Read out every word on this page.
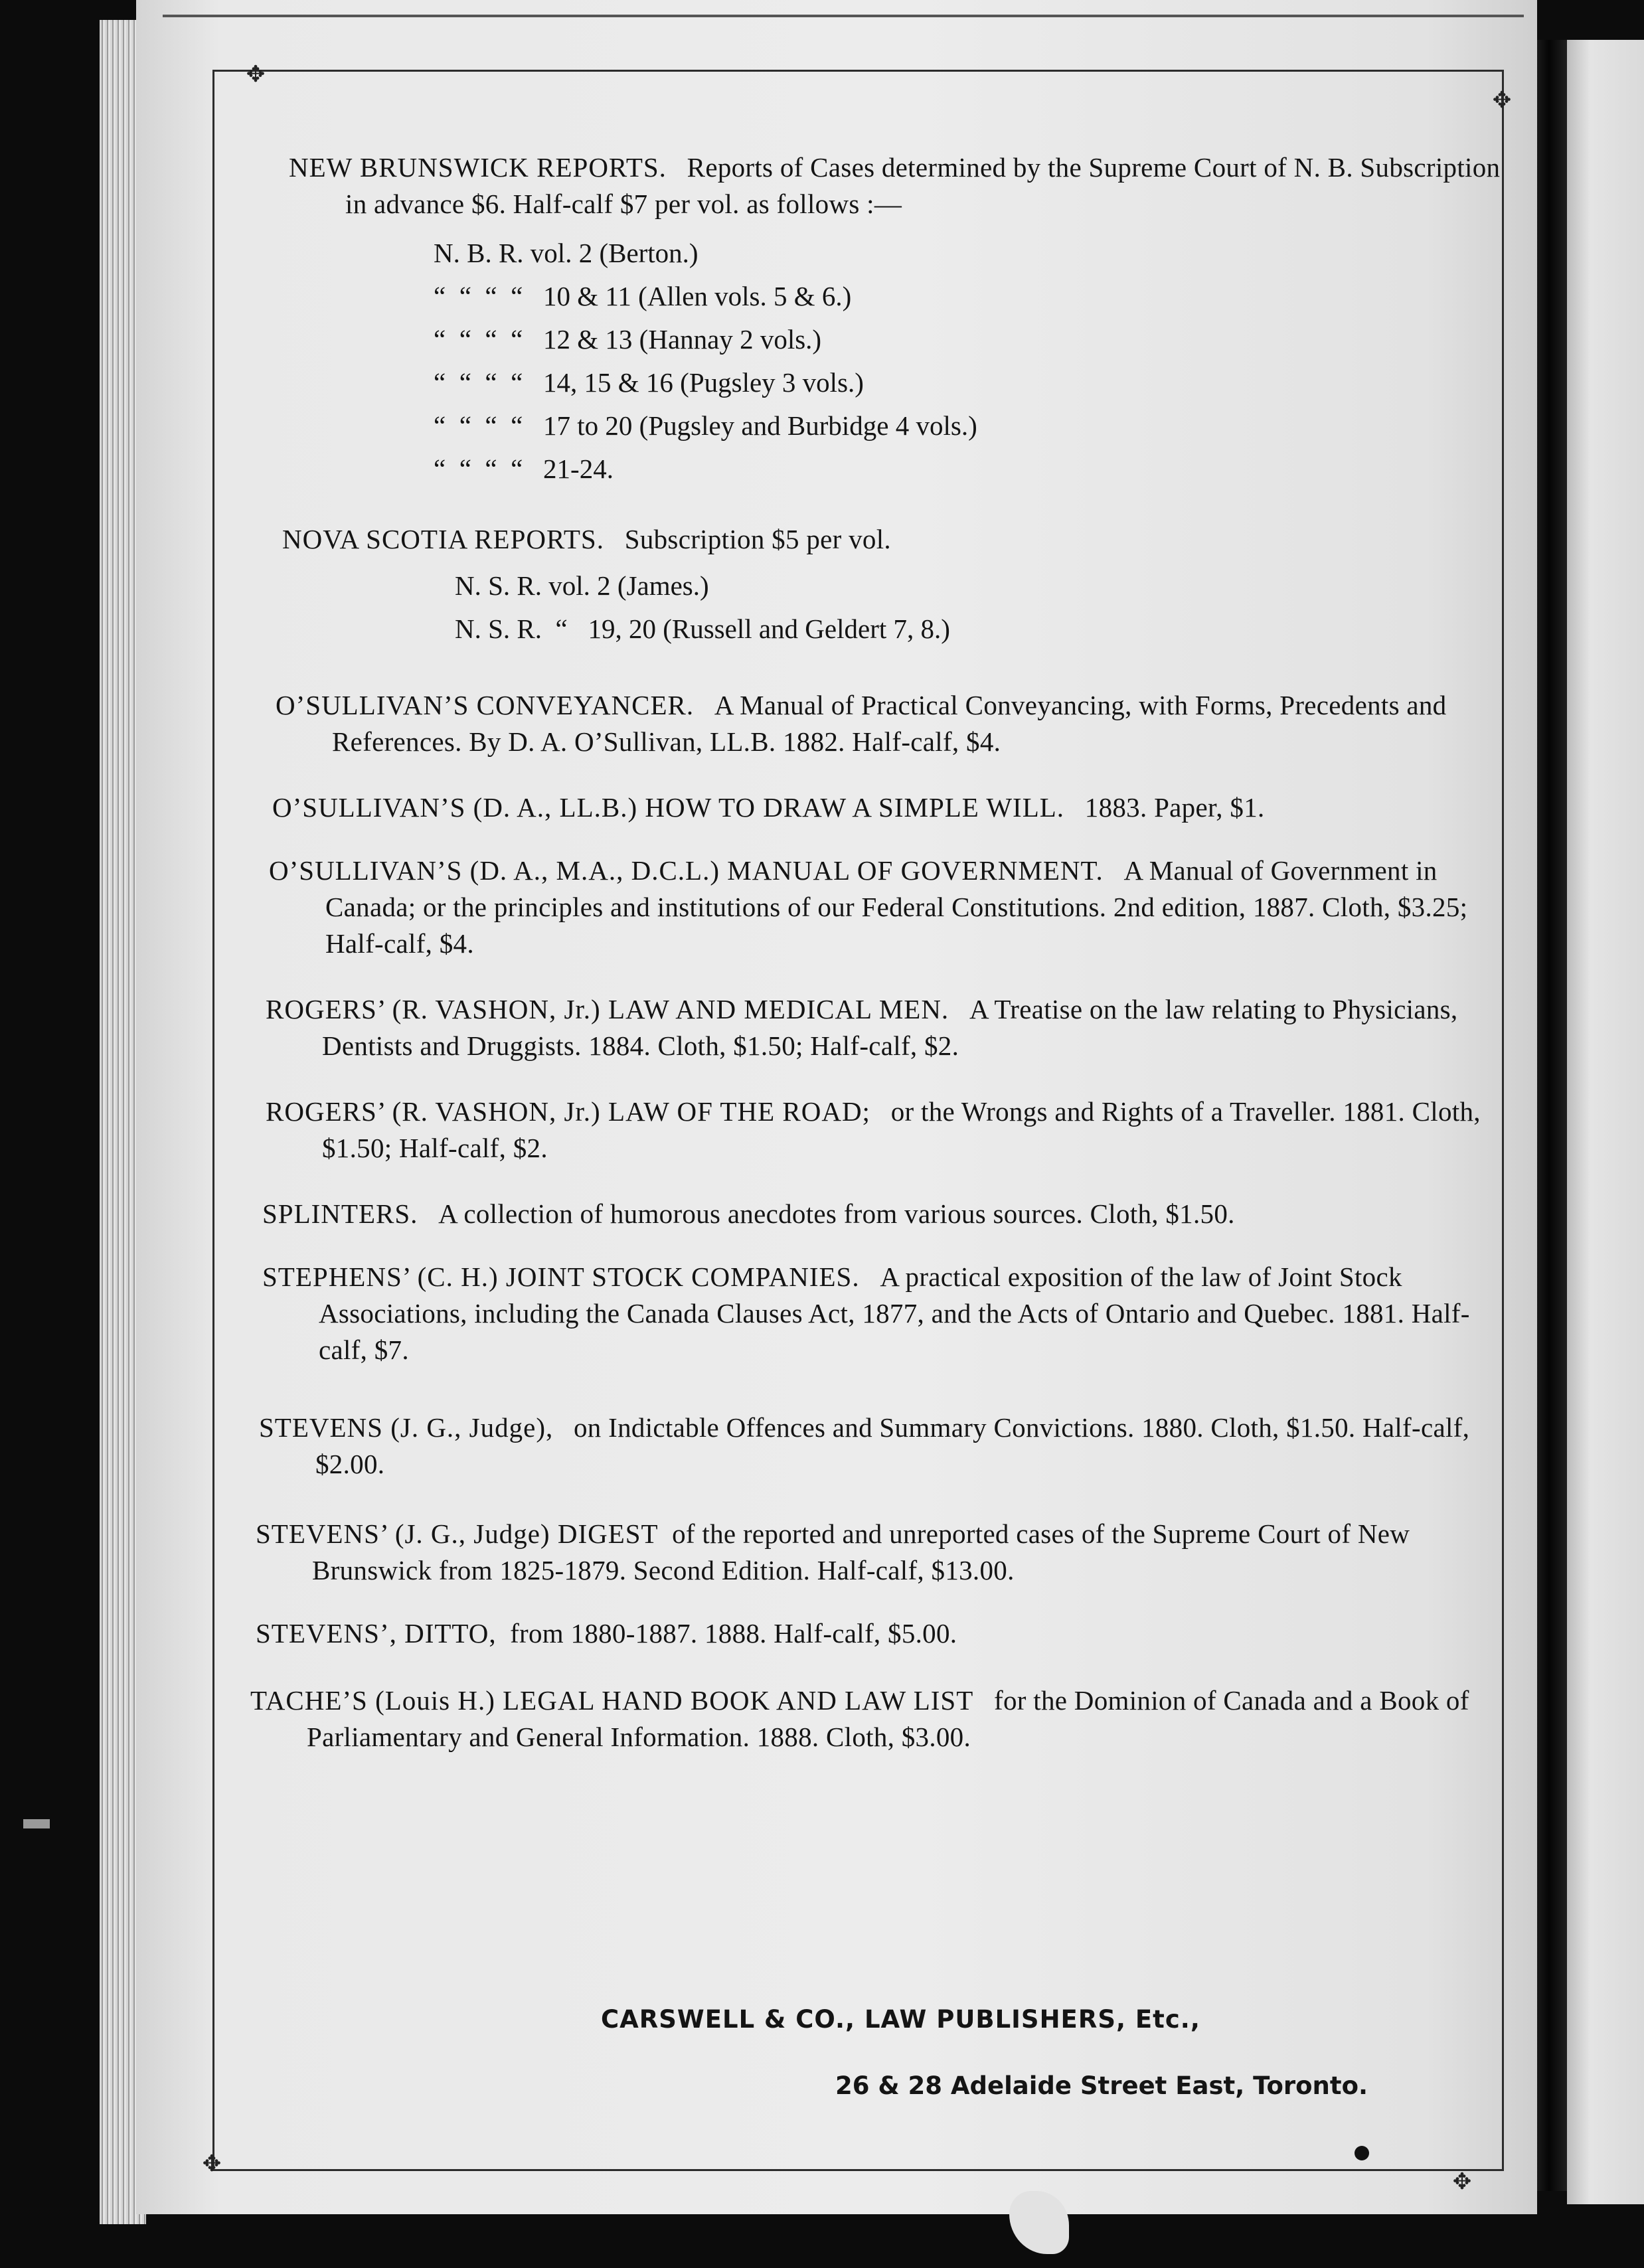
✥
✥
✥
✥
NEW BRUNSWICK REPORTS. Reports of Cases determined by the Supreme Court of N. B. Subscription in advance $6. Half-calf $7 per vol. as follows :—
N. B. R. vol. 2 (Berton.)
“  “  “  “   10 & 11 (Allen vols. 5 & 6.)
“  “  “  “   12 & 13 (Hannay 2 vols.)
“  “  “  “   14, 15 & 16 (Pugsley 3 vols.)
“  “  “  “   17 to 20 (Pugsley and Burbidge 4 vols.)
“  “  “  “   21-24.
NOVA SCOTIA REPORTS. Subscription $5 per vol.
N. S. R. vol. 2 (James.)
N. S. R.  “   19, 20 (Russell and Geldert 7, 8.)
O’SULLIVAN’S CONVEYANCER. A Manual of Practical Conveyancing, with Forms, Precedents and References. By D. A. O’Sullivan, LL.B. 1882. Half-calf, $4.
O’SULLIVAN’S (D. A., LL.B.) HOW TO DRAW A SIMPLE WILL. 1883. Paper, $1.
O’SULLIVAN’S (D. A., M.A., D.C.L.) MANUAL OF GOVERNMENT. A Manual of Government in Canada; or the principles and institutions of our Federal Constitutions. 2nd edition, 1887. Cloth, $3.25; Half-calf, $4.
ROGERS’ (R. VASHON, Jr.) LAW AND MEDICAL MEN. A Treatise on the law relating to Physicians, Dentists and Druggists. 1884. Cloth, $1.50; Half-calf, $2.
ROGERS’ (R. VASHON, Jr.) LAW OF THE ROAD; or the Wrongs and Rights of a Traveller. 1881. Cloth, $1.50; Half-calf, $2.
SPLINTERS. A collection of humorous anecdotes from various sources. Cloth, $1.50.
STEPHENS’ (C. H.) JOINT STOCK COMPANIES. A practical exposition of the law of Joint Stock Associations, including the Canada Clauses Act, 1877, and the Acts of Ontario and Quebec. 1881. Half-calf, $7.
STEVENS (J. G., Judge), on Indictable Offences and Summary Convictions. 1880. Cloth, $1.50. Half-calf, $2.00.
STEVENS’ (J. G., Judge) DIGEST of the reported and unreported cases of the Supreme Court of New Brunswick from 1825-1879. Second Edition. Half-calf, $13.00.
STEVENS’, DITTO, from 1880-1887. 1888. Half-calf, $5.00.
TACHE’S (Louis H.) LEGAL HAND BOOK AND LAW LIST for the Dominion of Canada and a Book of Parliamentary and General Information. 1888. Cloth, $3.00.
CARSWELL & CO., LAW PUBLISHERS, Etc.,
26 & 28 Adelaide Street East, Toronto.
